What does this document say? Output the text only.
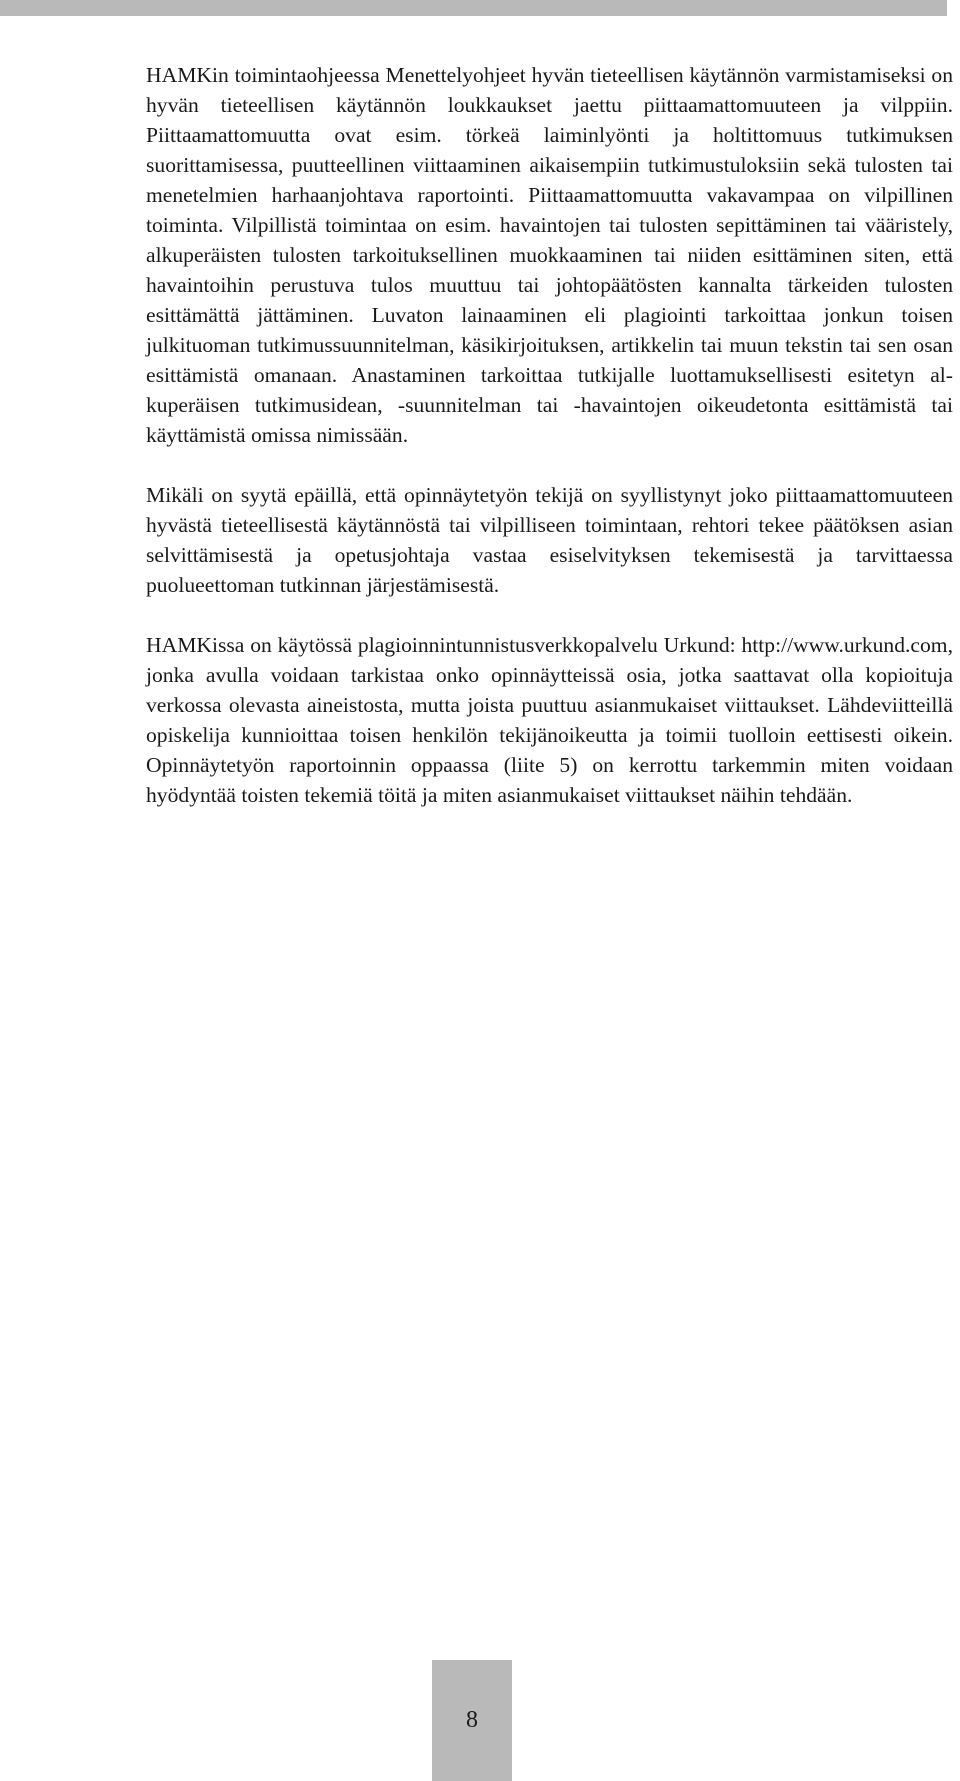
HAMKin toimintaohjeessa Menettelyohjeet hyvän tieteellisen käytännön varmistamiseksi on hyvän tieteellisen käytännön loukkaukset jaettu piittaamattomuuteen ja vilppiin. Piittaamattomuutta ovat esim. törkeä laiminlyönti ja holtittomuus tutkimuksen suorittamisessa, puutteellinen viittaaminen aikaisempiin tutkimustuloksiin sekä tulosten tai menetelmien harhaanjohtava raportointi. Piittaamattomuutta vakavampaa on vilpillinen toiminta. Vilpillistä toimintaa on esim. havaintojen tai tulosten sepittäminen tai vääristely, alkuperäisten tulosten tarkoituksellinen muokkaaminen tai niiden esittäminen siten, että havaintoihin perustuva tulos muuttuu tai johtopäätösten kannalta tärkeiden tulosten esittämättä jättäminen. Luvaton lainaaminen eli plagiointi tarkoittaa jonkun toisen julkituoman tutkimussuunnitelman, käsikirjoituksen, artikkelin tai muun tekstin tai sen osan esittämistä omanaan. Anastaminen tarkoittaa tutkijalle luottamuksellisesti esitetyn alkuperäisen tutkimusidean, -suunnitelman tai -havaintojen oikeudetonta esittämistä tai käyttämistä omissa nimissään.

Mikäli on syytä epäillä, että opinnäytetyön tekijä on syyllistynyt joko piittaamattomuuteen hyvästä tieteellisestä käytännöstä tai vilpilliseen toimintaan, rehtori tekee päätöksen asian selvittämisestä ja opetusjohtaja vastaa esiselvityksen tekemisestä ja tarvittaessa puolueettoman tutkinnan järjestämisestä.

HAMKissa on käytössä plagioinnintunnistusverkkopalvelu Urkund: http://www.urkund.com, jonka avulla voidaan tarkistaa onko opinnäytteissä osia, jotka saattavat olla kopioituja verkossa olevasta aineistosta, mutta joista puuttuu asianmukaiset viittaukset. Lähdeviitteillä opiskelija kunnioittaa toisen henkilön tekijänoikeutta ja toimii tuolloin eettisesti oikein. Opinnäytetyön raportoinnin oppaassa (liite 5) on kerrottu tarkemmin miten voidaan hyödyntää toisten tekemiä töitä ja miten asianmukaiset viittaukset näihin tehdään.

8
